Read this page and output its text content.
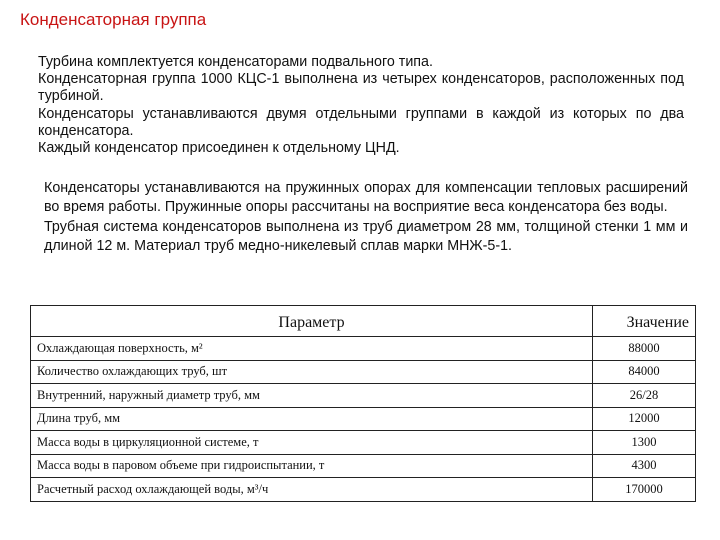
Конденсаторная группа

Турбина комплектуется конденсаторами подвального типа.

Конденсаторная группа 1000 КЦС‑1 выполнена из четырех конденсаторов, расположенных под турбиной.

Конденсаторы устанавливаются двумя отдельными группами в каждой из которых по два конденсатора.

Каждый конденсатор присоединен к отдельному ЦНД.

Конденсаторы устанавливаются на пружинных опорах для компенсации тепловых расширений во время работы. Пружинные опоры рассчитаны на восприятие веса конденсатора без воды.

Трубная система конденсаторов выполнена из труб диаметром 28 мм, толщиной стенки 1 мм и длиной 12 м. Материал труб медно-никелевый сплав марки МНЖ-5-1.

Параметр	Значение
Охлаждающая поверхность, м²	88000
Количество охлаждающих труб, шт	84000
Внутренний, наружный диаметр труб, мм	26/28
Длина труб, мм	12000
Масса воды в циркуляционной системе, т	1300
Масса воды в паровом объеме при гидроиспытании, т	4300
Расчетный расход охлаждающей воды, м³/ч	170000
